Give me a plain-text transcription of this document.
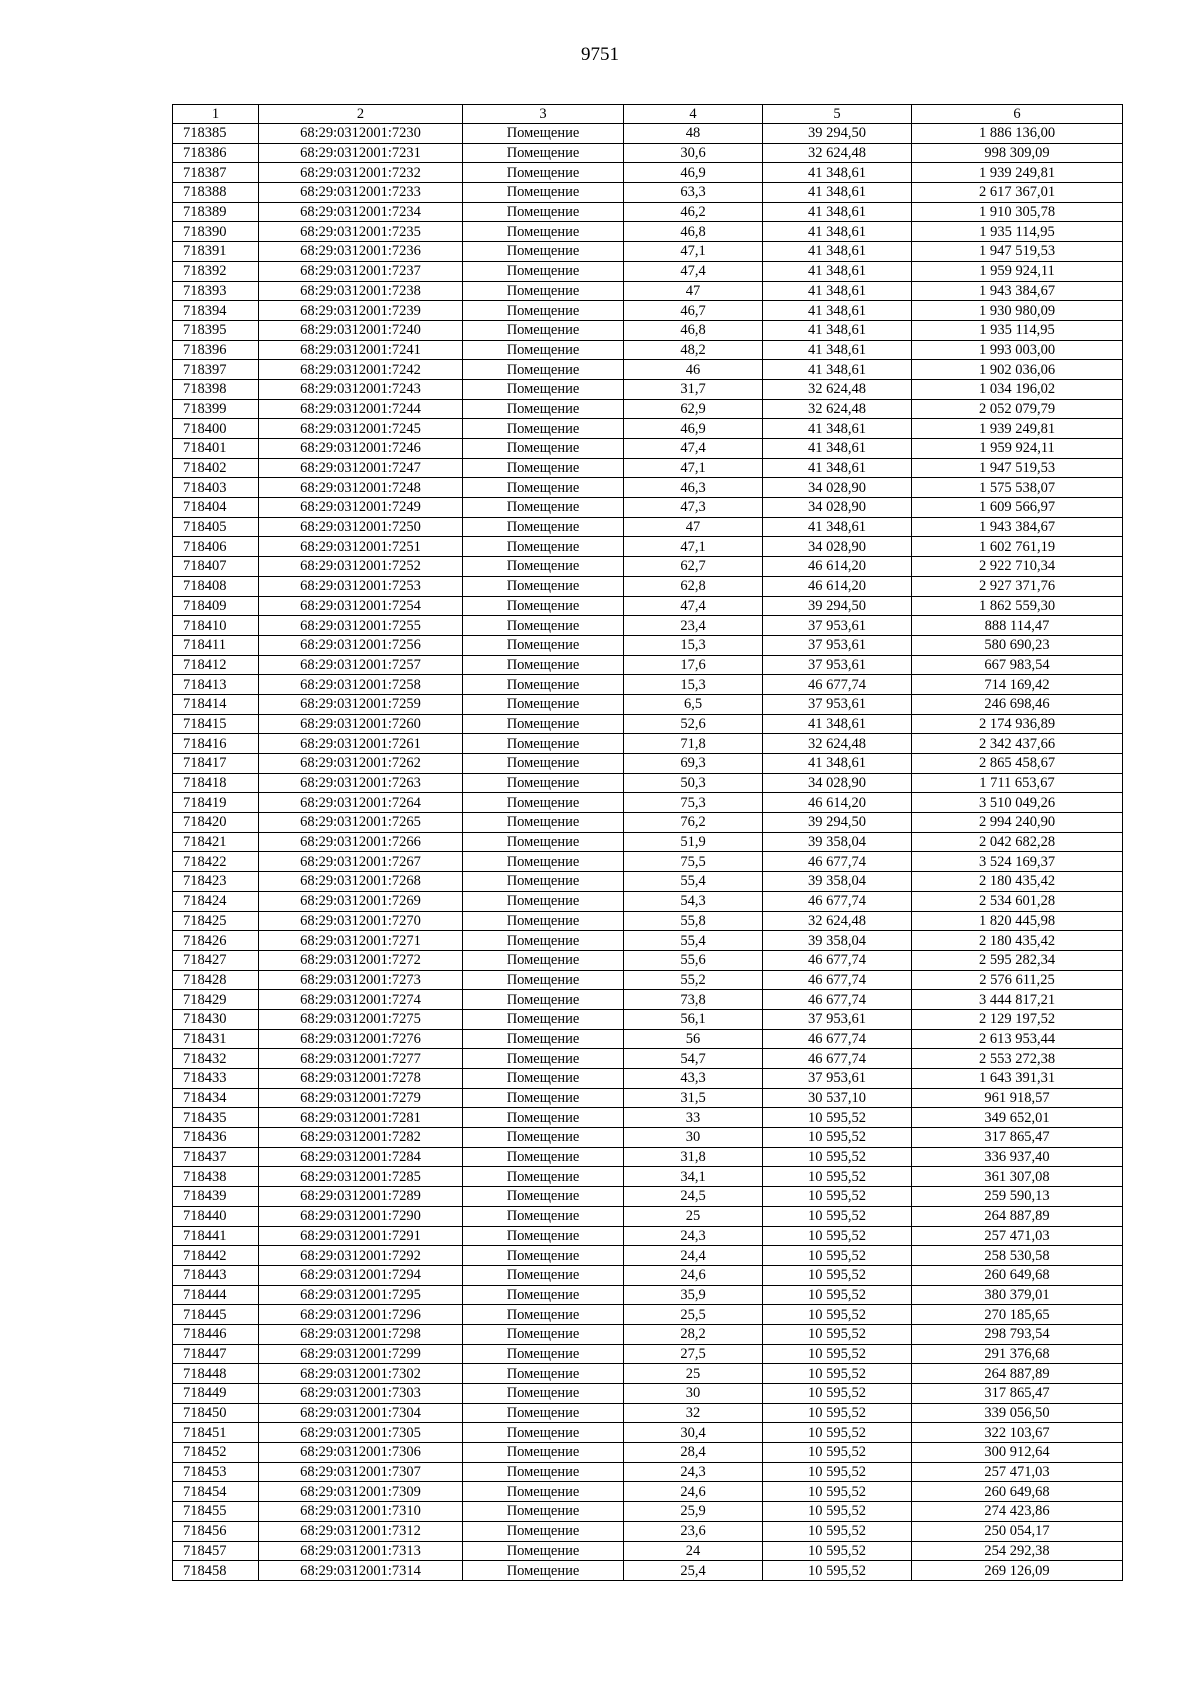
9751
1	2	3	4	5	6
718385	68:29:0312001:7230	Помещение	48	39 294,50	1 886 136,00
718386	68:29:0312001:7231	Помещение	30,6	32 624,48	998 309,09
718387	68:29:0312001:7232	Помещение	46,9	41 348,61	1 939 249,81
718388	68:29:0312001:7233	Помещение	63,3	41 348,61	2 617 367,01
718389	68:29:0312001:7234	Помещение	46,2	41 348,61	1 910 305,78
718390	68:29:0312001:7235	Помещение	46,8	41 348,61	1 935 114,95
718391	68:29:0312001:7236	Помещение	47,1	41 348,61	1 947 519,53
718392	68:29:0312001:7237	Помещение	47,4	41 348,61	1 959 924,11
718393	68:29:0312001:7238	Помещение	47	41 348,61	1 943 384,67
718394	68:29:0312001:7239	Помещение	46,7	41 348,61	1 930 980,09
718395	68:29:0312001:7240	Помещение	46,8	41 348,61	1 935 114,95
718396	68:29:0312001:7241	Помещение	48,2	41 348,61	1 993 003,00
718397	68:29:0312001:7242	Помещение	46	41 348,61	1 902 036,06
718398	68:29:0312001:7243	Помещение	31,7	32 624,48	1 034 196,02
718399	68:29:0312001:7244	Помещение	62,9	32 624,48	2 052 079,79
718400	68:29:0312001:7245	Помещение	46,9	41 348,61	1 939 249,81
718401	68:29:0312001:7246	Помещение	47,4	41 348,61	1 959 924,11
718402	68:29:0312001:7247	Помещение	47,1	41 348,61	1 947 519,53
718403	68:29:0312001:7248	Помещение	46,3	34 028,90	1 575 538,07
718404	68:29:0312001:7249	Помещение	47,3	34 028,90	1 609 566,97
718405	68:29:0312001:7250	Помещение	47	41 348,61	1 943 384,67
718406	68:29:0312001:7251	Помещение	47,1	34 028,90	1 602 761,19
718407	68:29:0312001:7252	Помещение	62,7	46 614,20	2 922 710,34
718408	68:29:0312001:7253	Помещение	62,8	46 614,20	2 927 371,76
718409	68:29:0312001:7254	Помещение	47,4	39 294,50	1 862 559,30
718410	68:29:0312001:7255	Помещение	23,4	37 953,61	888 114,47
718411	68:29:0312001:7256	Помещение	15,3	37 953,61	580 690,23
718412	68:29:0312001:7257	Помещение	17,6	37 953,61	667 983,54
718413	68:29:0312001:7258	Помещение	15,3	46 677,74	714 169,42
718414	68:29:0312001:7259	Помещение	6,5	37 953,61	246 698,46
718415	68:29:0312001:7260	Помещение	52,6	41 348,61	2 174 936,89
718416	68:29:0312001:7261	Помещение	71,8	32 624,48	2 342 437,66
718417	68:29:0312001:7262	Помещение	69,3	41 348,61	2 865 458,67
718418	68:29:0312001:7263	Помещение	50,3	34 028,90	1 711 653,67
718419	68:29:0312001:7264	Помещение	75,3	46 614,20	3 510 049,26
718420	68:29:0312001:7265	Помещение	76,2	39 294,50	2 994 240,90
718421	68:29:0312001:7266	Помещение	51,9	39 358,04	2 042 682,28
718422	68:29:0312001:7267	Помещение	75,5	46 677,74	3 524 169,37
718423	68:29:0312001:7268	Помещение	55,4	39 358,04	2 180 435,42
718424	68:29:0312001:7269	Помещение	54,3	46 677,74	2 534 601,28
718425	68:29:0312001:7270	Помещение	55,8	32 624,48	1 820 445,98
718426	68:29:0312001:7271	Помещение	55,4	39 358,04	2 180 435,42
718427	68:29:0312001:7272	Помещение	55,6	46 677,74	2 595 282,34
718428	68:29:0312001:7273	Помещение	55,2	46 677,74	2 576 611,25
718429	68:29:0312001:7274	Помещение	73,8	46 677,74	3 444 817,21
718430	68:29:0312001:7275	Помещение	56,1	37 953,61	2 129 197,52
718431	68:29:0312001:7276	Помещение	56	46 677,74	2 613 953,44
718432	68:29:0312001:7277	Помещение	54,7	46 677,74	2 553 272,38
718433	68:29:0312001:7278	Помещение	43,3	37 953,61	1 643 391,31
718434	68:29:0312001:7279	Помещение	31,5	30 537,10	961 918,57
718435	68:29:0312001:7281	Помещение	33	10 595,52	349 652,01
718436	68:29:0312001:7282	Помещение	30	10 595,52	317 865,47
718437	68:29:0312001:7284	Помещение	31,8	10 595,52	336 937,40
718438	68:29:0312001:7285	Помещение	34,1	10 595,52	361 307,08
718439	68:29:0312001:7289	Помещение	24,5	10 595,52	259 590,13
718440	68:29:0312001:7290	Помещение	25	10 595,52	264 887,89
718441	68:29:0312001:7291	Помещение	24,3	10 595,52	257 471,03
718442	68:29:0312001:7292	Помещение	24,4	10 595,52	258 530,58
718443	68:29:0312001:7294	Помещение	24,6	10 595,52	260 649,68
718444	68:29:0312001:7295	Помещение	35,9	10 595,52	380 379,01
718445	68:29:0312001:7296	Помещение	25,5	10 595,52	270 185,65
718446	68:29:0312001:7298	Помещение	28,2	10 595,52	298 793,54
718447	68:29:0312001:7299	Помещение	27,5	10 595,52	291 376,68
718448	68:29:0312001:7302	Помещение	25	10 595,52	264 887,89
718449	68:29:0312001:7303	Помещение	30	10 595,52	317 865,47
718450	68:29:0312001:7304	Помещение	32	10 595,52	339 056,50
718451	68:29:0312001:7305	Помещение	30,4	10 595,52	322 103,67
718452	68:29:0312001:7306	Помещение	28,4	10 595,52	300 912,64
718453	68:29:0312001:7307	Помещение	24,3	10 595,52	257 471,03
718454	68:29:0312001:7309	Помещение	24,6	10 595,52	260 649,68
718455	68:29:0312001:7310	Помещение	25,9	10 595,52	274 423,86
718456	68:29:0312001:7312	Помещение	23,6	10 595,52	250 054,17
718457	68:29:0312001:7313	Помещение	24	10 595,52	254 292,38
718458	68:29:0312001:7314	Помещение	25,4	10 595,52	269 126,09
